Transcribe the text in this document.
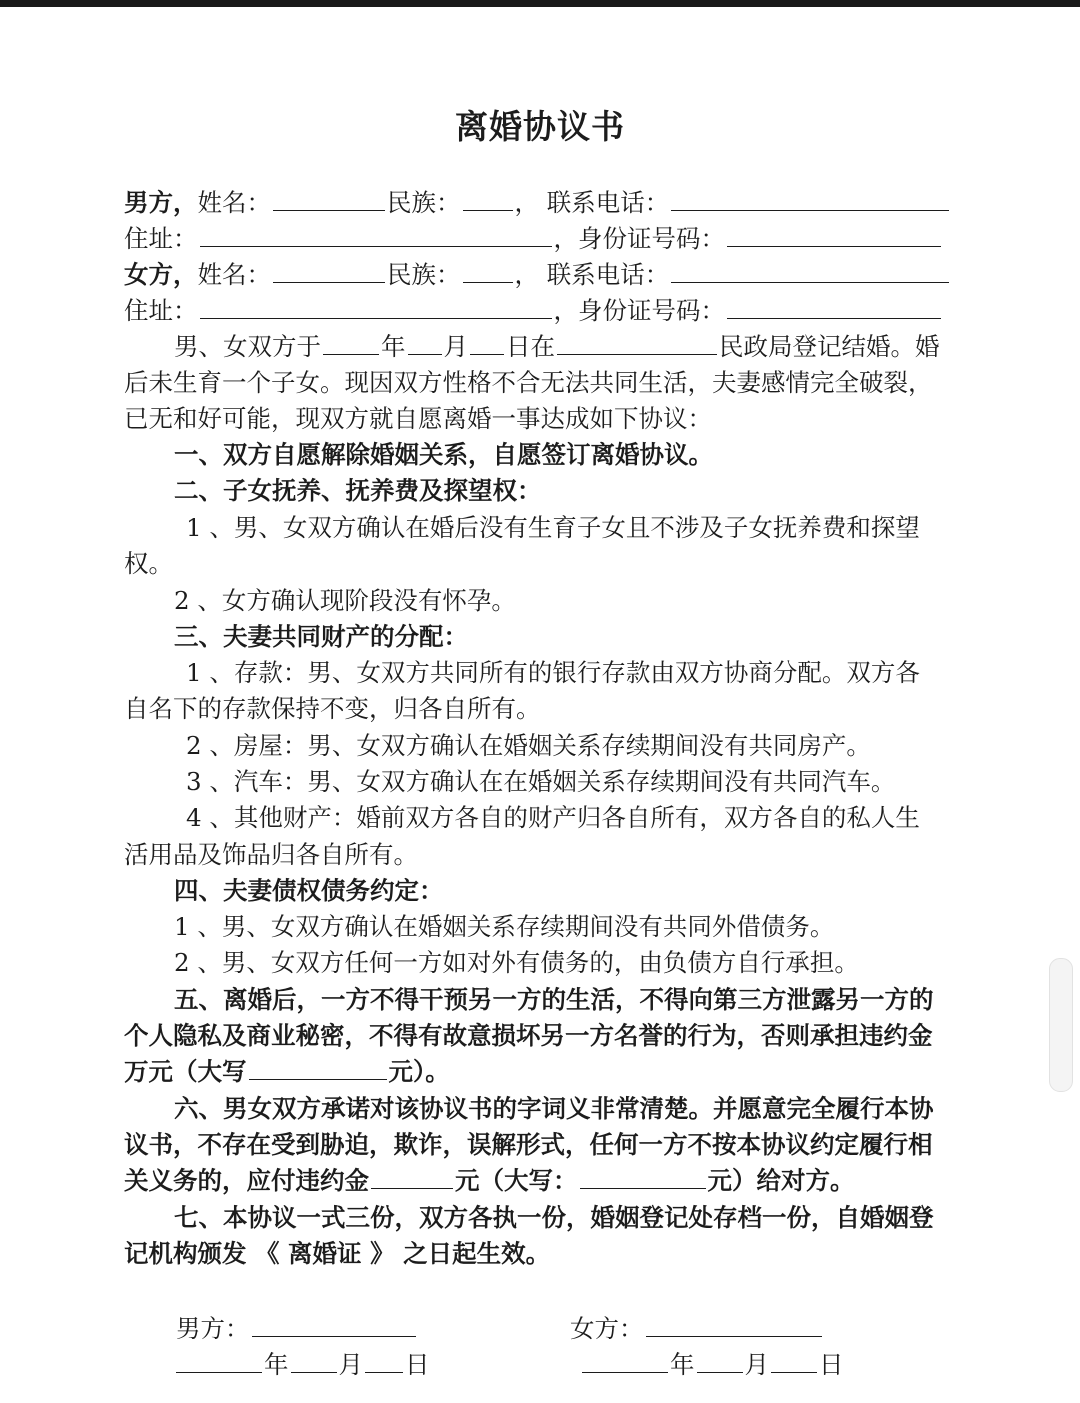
离婚协议书
男方，姓名：	民族： ， 联系电话：
住址：	，身份证号码：
女方，姓名：	民族： ， 联系电话：
住址：	，身份证号码：
男、女双方于 年 月 日在	民政局登记结婚。婚
后未生育一个子女。现因双方性格不合无法共同生活，夫妻感情完全破裂，
已无和好可能，现双方就自愿离婚一事达成如下协议：
一、双方自愿解除婚姻关系，自愿签订离婚协议。
二、子女抚养、抚养费及探望权：
1 、男、女双方确认在婚后没有生育子女且不涉及子女抚养费和探望
权。
2 、女方确认现阶段没有怀孕。
三、夫妻共同财产的分配：
1 、存款：男、女双方共同所有的银行存款由双方协商分配。双方各
自名下的存款保持不变，归各自所有。
2 、房屋：男、女双方确认在婚姻关系存续期间没有共同房产。
3 、汽车：男、女双方确认在在婚姻关系存续期间没有共同汽车。
4 、其他财产：婚前双方各自的财产归各自所有，双方各自的私人生
活用品及饰品归各自所有。
四、夫妻债权债务约定：
1 、男、女双方确认在婚姻关系存续期间没有共同外借债务。
2 、男、女双方任何一方如对外有债务的，由负债方自行承担。
五、离婚后，一方不得干预另一方的生活，不得向第三方泄露另一方的
个人隐私及商业秘密，不得有故意损坏另一方名誉的行为，否则承担违约金
万元（大写	元）。
六、男女双方承诺对该协议书的字词义非常清楚。并愿意完全履行本协
议书，不存在受到胁迫，欺诈，误解形式，任何一方不按本协议约定履行相
关义务的，应付违约金	元（大写：	元）给对方。
七、本协议一式三份，双方各执一份，婚姻登记处存档一份，自婚姻登
记机构颁发 《 离婚证 》 之日起生效。
男方：	女方：
年 月 日	年 月 日
